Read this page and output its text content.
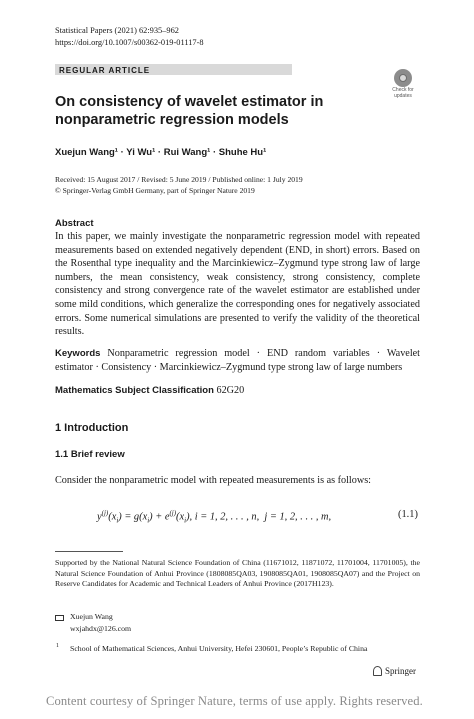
Statistical Papers (2021) 62:935–962
https://doi.org/10.1007/s00362-019-01117-8
REGULAR ARTICLE
Check for
updates
On consistency of wavelet estimator in nonparametric regression models
Xuejun Wang¹ · Yi Wu¹ · Rui Wang¹ · Shuhe Hu¹
Received: 15 August 2017 / Revised: 5 June 2019 / Published online: 1 July 2019
© Springer-Verlag GmbH Germany, part of Springer Nature 2019
Abstract
In this paper, we mainly investigate the nonparametric regression model with repeated measurements based on extended negatively dependent (END, in short) errors. Based on the Rosenthal type inequality and the Marcinkiewicz–Zygmund type strong law of large numbers, the mean consistency, weak consistency, strong consistency, complete consistency and strong convergence rate of the wavelet estimator are established under some mild conditions, which generalize the corresponding ones for negatively associated errors. Some numerical simulations are presented to verify the validity of the theoretical results.
Keywords Nonparametric regression model · END random variables · Wavelet estimator · Consistency · Marcinkiewicz–Zygmund type strong law of large numbers
Mathematics Subject Classification 62G20
1 Introduction
1.1 Brief review
Consider the nonparametric model with repeated measurements is as follows:
$y^{(j)}(x_i) = g(x_i) + e^{(j)}(x_i)$, i = 1, 2, . . . , n,  j = 1, 2, . . . , m,	(1.1)
Supported by the National Natural Science Foundation of China (11671012, 11871072, 11701004, 11701005), the Natural Science Foundation of Anhui Province (1808085QA03, 1908085QA01, 1908085QA07) and the Project on Reserve Candidates for Academic and Technical Leaders of Anhui Province (2017H123).
Xuejun Wang
wxjahdx@126.com
1 School of Mathematical Sciences, Anhui University, Hefei 230601, People’s Republic of China
Springer
Content courtesy of Springer Nature, terms of use apply. Rights reserved.
